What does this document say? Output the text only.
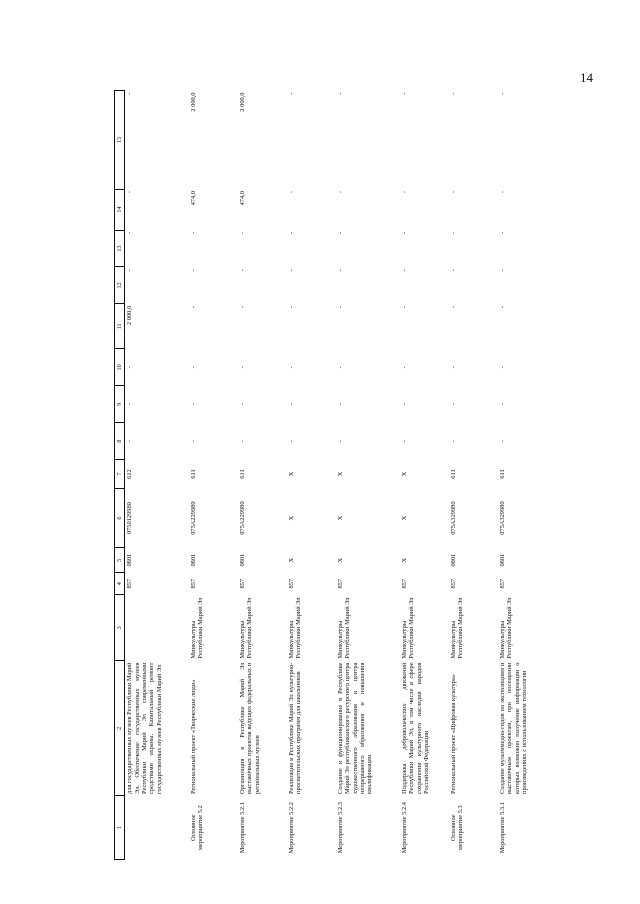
14
1	2	3	4	5	6	7	8	9	10	11	12	13	14	15
	для государственных музеев Республики Марий Эл. Обеспечение государственных музеев Республики Марий Эл современными средствами охраны. Капитальный ремонт государственных музеев Республики Марий Эл		857	0801	0750129980	612	-	-	-	2 000,0	-	-	-	-
Основное мероприятие 5.2	Региональный проект «Творческие люди»	Минкультуры Республики Марий Эл	857	0801	075A229980	611	-	-	-	-	-	-	474,0	2 000,0
Мероприятие 5.2.1	Организация в Республике Марий Эл выставочных проектов ведущих федеральных и региональных музеев	Минкультуры Республики Марий Эл	857	0801	075A229980	611	-	-	-	-	-	-	474,0	2 000,0
Мероприятие 5.2.2	Реализация в Республике Марий Эл культурно-просветительских программ для школьников	Минкультуры Республики Марий Эл	857	X	X	X	-	-	-	-	-	-	-	-
Мероприятие 5.2.3	Создание и функционирование в Республике Марий Эл республиканского ресурсного центра художественного образования и центра непрерывного образования и повышения квалификации	Минкультуры Республики Марий Эл	857	X	X	X	-	-	-	-	-	-	-	-
Мероприятие 5.2.4	Поддержка добровольческих движений Республики Марий Эл, в том числе в сфере сохранения культурного наследия народов Российской Федерации	Минкультуры Республики Марий Эл	857	X	X	X	-	-	-	-	-	-	-	-
Основное мероприятие 5.3	Региональный проект «Цифровая культура»	Минкультуры Республики Марий Эл	857	0801	075A329980	611	-	-	-	-	-	-	-	-
Мероприятие 5.3.1	Создание мультимедиа-гидов по экспозициям и выставочным проектам, при посещении которых возможно получение информации о произведениях с использованием технологии	Минкультуры Республики Марий Эл	857	0801	075A329980	611	-	-	-	-	-	-	-	-
